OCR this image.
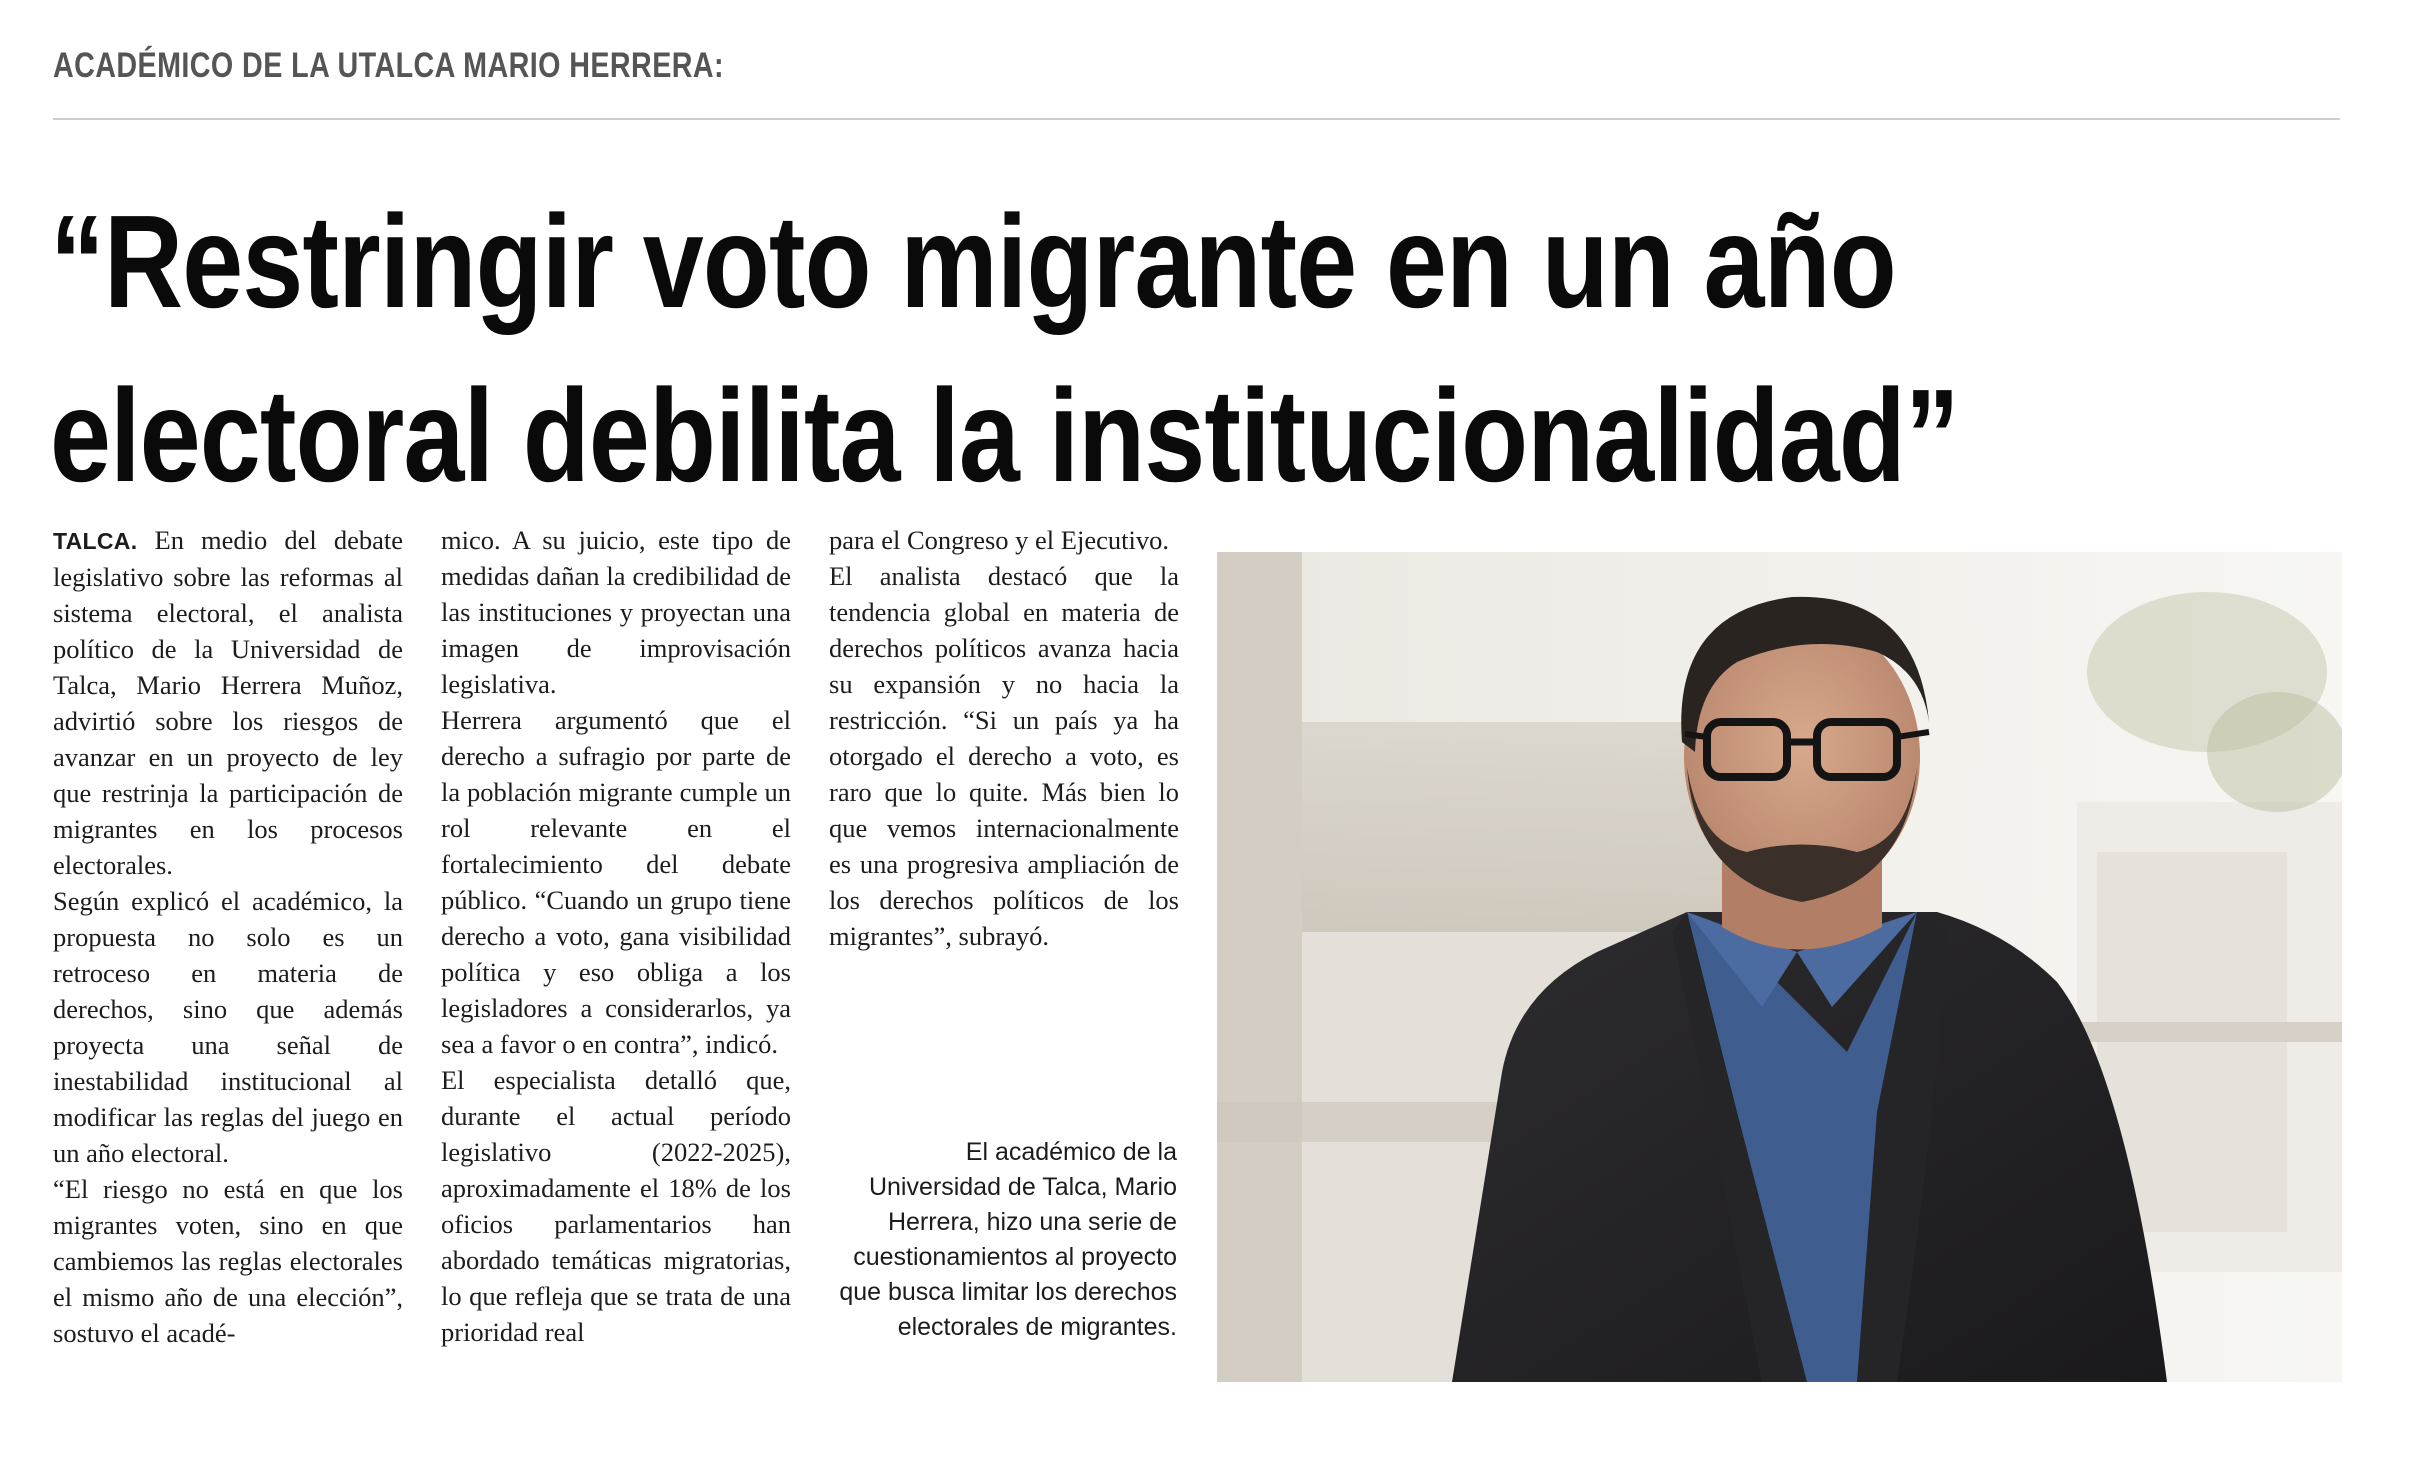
ACADÉMICO DE LA UTALCA MARIO HERRERA:
“Restringir voto migrante en un año
electoral debilita la institucionalidad”

TALCA. En medio del debate legislativo sobre las reformas al sistema electoral, el analista político de la Universidad de Talca, Mario Herrera Muñoz, advirtió sobre los riesgos de avanzar en un proyecto de ley que restrinja la participación de migrantes en los procesos electorales.

Según explicó el académico, la propuesta no solo es un retroceso en materia de derechos, sino que además proyecta una señal de inestabilidad institucional al modificar las reglas del juego en un año electoral.

“El riesgo no está en que los migrantes voten, sino en que cambiemos las reglas electorales el mismo año de una elección”, sostuvo el acadé-

mico. A su juicio, este tipo de medidas dañan la credibilidad de las instituciones y proyectan una imagen de improvisación legislativa.

Herrera argumentó que el derecho a sufragio por parte de la población migrante cumple un rol relevante en el fortalecimiento del debate público. “Cuando un grupo tiene derecho a voto, gana visibilidad política y eso obliga a los legisladores a considerarlos, ya sea a favor o en contra”, indicó.

El especialista detalló que, durante el actual período legislativo (2022-2025), aproximadamente el 18% de los oficios parlamentarios han abordado temáticas migratorias, lo que refleja que se trata de una prioridad real

para el Congreso y el Ejecutivo.

El analista destacó que la tendencia global en materia de derechos políticos avanza hacia su expansión y no hacia la restricción. “Si un país ya ha otorgado el derecho a voto, es raro que lo quite. Más bien lo que vemos internacionalmente es una progresiva ampliación de los derechos políticos de los migrantes”, subrayó.

El académico de la Universidad de Talca, Mario Herrera, hizo una serie de cuestionamientos al proyecto que busca limitar los derechos electorales de migrantes.
